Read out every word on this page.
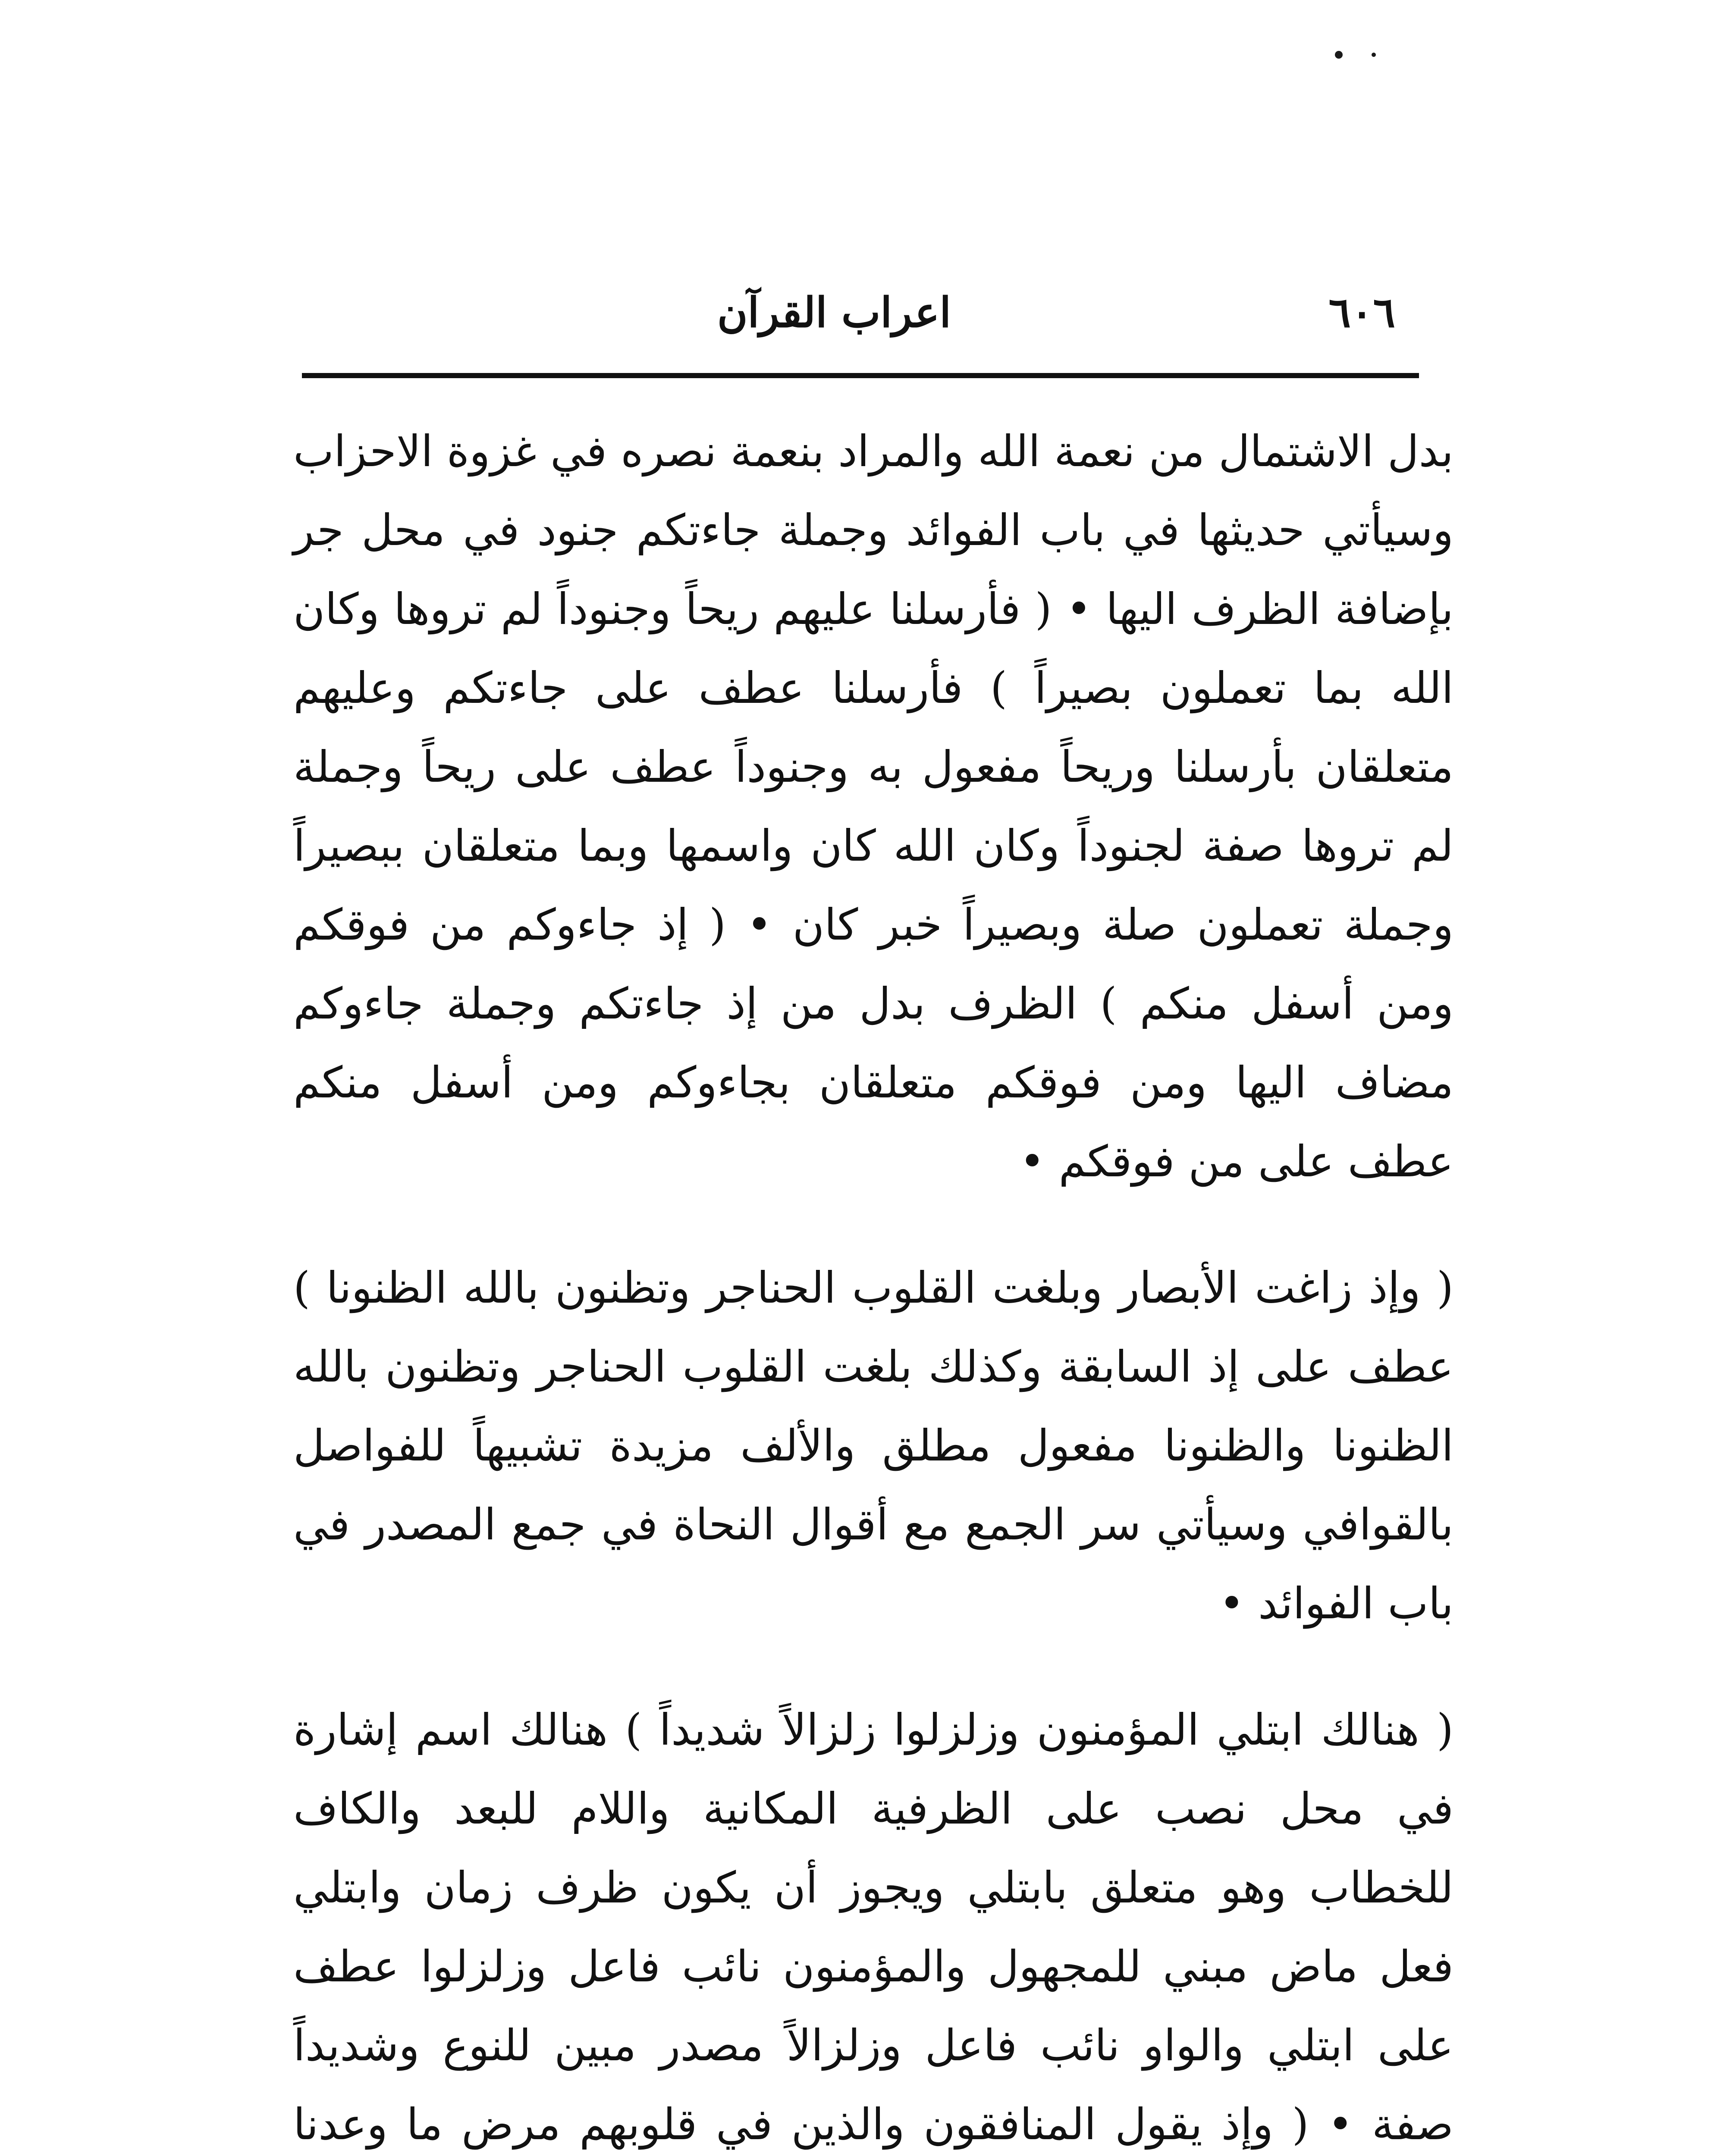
٦٠٦
اعراب القرآن

بدل الاشتمال من نعمة الله والمراد بنعمة نصره في غزوة الاحزاب وسيأتي حديثها في باب الفوائد وجملة جاءتكم جنود في محل جر بإضافة الظرف اليها • ( فأرسلنا عليهم ريحاً وجنوداً لم تروها وكان الله بما تعملون بصيراً ) فأرسلنا عطف على جاءتكم وعليهم متعلقان بأرسلنا وريحاً مفعول به وجنوداً عطف على ريحاً وجملة لم تروها صفة لجنوداً وكان الله كان واسمها وبما متعلقان ببصيراً وجملة تعملون صلة وبصيراً خبر كان • ( إذ جاءوكم من فوقكم ومن أسفل منكم ) الظرف بدل من إذ جاءتكم وجملة جاءوكم مضاف اليها ومن فوقكم متعلقان بجاءوكم ومن أسفل منكم عطف على من فوقكم •

( وإذ زاغت الأبصار وبلغت القلوب الحناجر وتظنون بالله الظنونا ) عطف على إذ السابقة وكذلك بلغت القلوب الحناجر وتظنون بالله الظنونا والظنونا مفعول مطلق والألف مزيدة تشبيهاً للفواصل بالقوافي وسيأتي سر الجمع مع أقوال النحاة في جمع المصدر في باب الفوائد •

( هنالك ابتلي المؤمنون وزلزلوا زلزالاً شديداً ) هنالك اسم إشارة في محل نصب على الظرفية المكانية واللام للبعد والكاف للخطاب وهو متعلق بابتلي ويجوز أن يكون ظرف زمان وابتلي فعل ماض مبني للمجهول والمؤمنون نائب فاعل وزلزلوا عطف على ابتلي والواو نائب فاعل وزلزالاً مصدر مبين للنوع وشديداً صفة • ( وإذ يقول المنافقون والذين في قلوبهم مرض ما وعدنا
